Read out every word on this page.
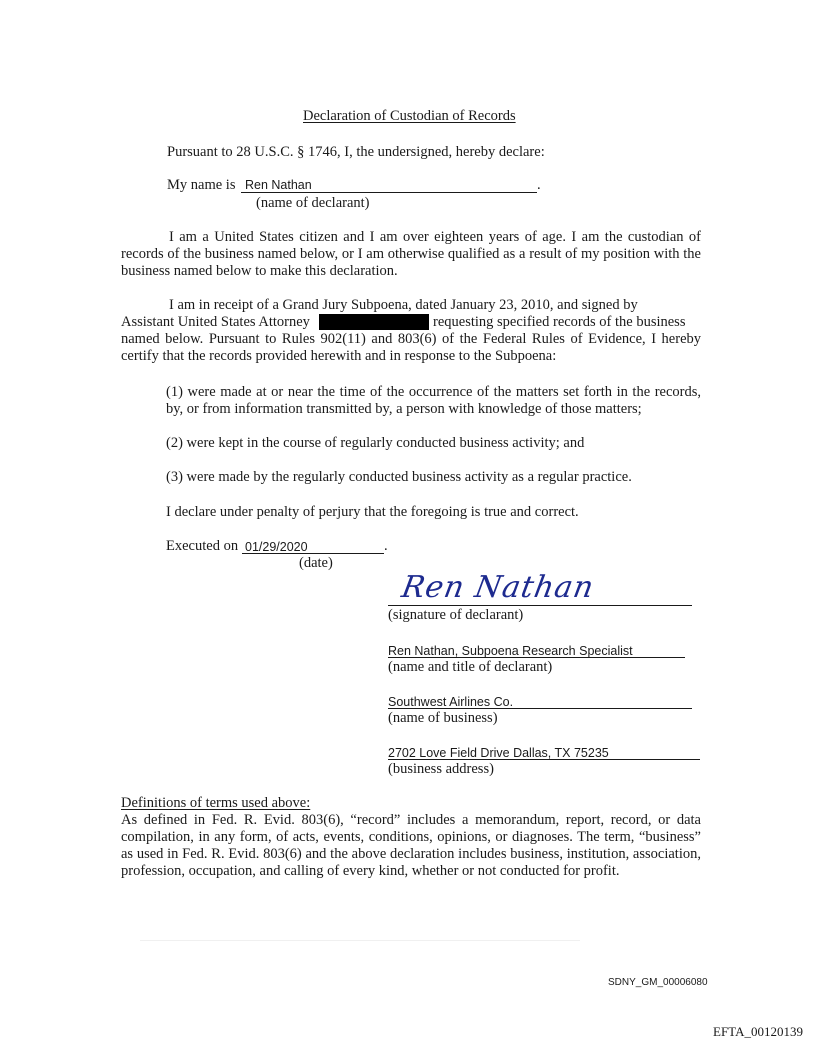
Declaration of Custodian of Records
Pursuant to 28 U.S.C. § 1746, I, the undersigned, hereby declare:
My name is Ren Nathan	.
(name of declarant)
I am a United States citizen and I am over eighteen years of age. I am the custodian of records of the business named below, or I am otherwise qualified as a result of my position with the business named below to make this declaration.
I am in receipt of a Grand Jury Subpoena, dated January 23, 2010, and signed by
Assistant United States Attorney	requesting specified records of the business
named below. Pursuant to Rules 902(11) and 803(6) of the Federal Rules of Evidence, I hereby certify that the records provided herewith and in response to the Subpoena:
(1) were made at or near the time of the occurrence of the matters set forth in the records, by, or from information transmitted by, a person with knowledge of those matters;
(2) were kept in the course of regularly conducted business activity; and
(3) were made by the regularly conducted business activity as a regular practice.
I declare under penalty of perjury that the foregoing is true and correct.
Executed on 01/29/2020	.
(date)
Ren Nathan
(signature of declarant)
Ren Nathan, Subpoena Research Specialist
(name and title of declarant)
Southwest Airlines Co.
(name of business)
2702 Love Field Drive Dallas, TX 75235
(business address)
Definitions of terms used above:
As defined in Fed. R. Evid. 803(6), “record” includes a memorandum, report, record, or data compilation, in any form, of acts, events, conditions, opinions, or diagnoses. The term, “business” as used in Fed. R. Evid. 803(6) and the above declaration includes business, institution, association, profession, occupation, and calling of every kind, whether or not conducted for profit.
SDNY_GM_00006080
EFTA_00120139
